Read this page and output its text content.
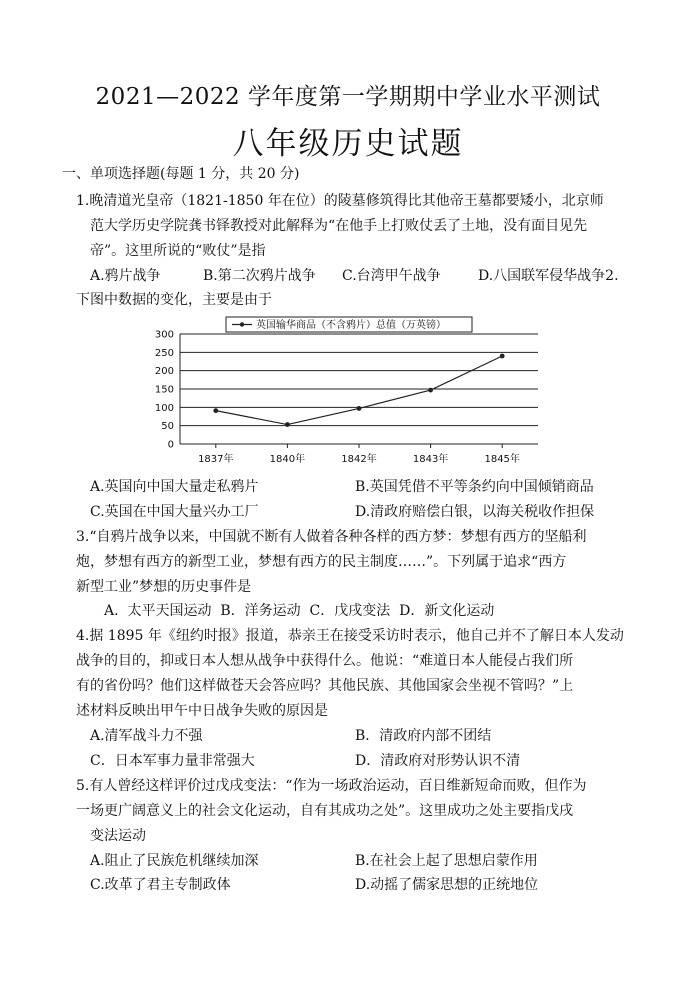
2021—2022 学年度第一学期期中学业水平测试
八年级历史试题
一、单项选择题(每题 1 分，共 20 分)
1.晚清道光皇帝（1821-1850 年在位）的陵墓修筑得比其他帝王墓都要矮小，北京师
范大学历史学院龚书铎教授对此解释为“在他手上打败仗丢了土地，没有面目见先
帝”。这里所说的“败仗”是指
A.鸦片战争	B.第二次鸦片战争 C.台湾甲午战争	D.八国联军侵华战争2.
下图中数据的变化，主要是由于
0
50
100
150
200
250
300
1837年	1840年	1842年	1843年	1845年
英国输华商品（不含鸦片）总值（万英镑）
A.英国向中国大量走私鸦片	B.英国凭借不平等条约向中国倾销商品
C.英国在中国大量兴办工厂	D.清政府赔偿白银，以海关税收作担保
3.“自鸦片战争以来，中国就不断有人做着各种各样的西方梦：梦想有西方的坚船利
炮，梦想有西方的新型工业，梦想有西方的民主制度……”。下列属于追求“西方
新型工业”梦想的历史事件是
A.  太平天国运动  B．洋务运动  C．戊戌变法  D．新文化运动
4.据 1895 年《纽约时报》报道，恭亲王在接受采访时表示，他自己并不了解日本人发动
战争的目的，抑或日本人想从战争中获得什么。他说：“难道日本人能侵占我们所
有的省份吗？他们这样做苍天会答应吗？其他民族、其他国家会坐视不管吗？”上
述材料反映出甲午中日战争失败的原因是
A.清军战斗力不强	B．清政府内部不团结
C．日本军事力量非常强大	D．清政府对形势认识不清
5.有人曾经这样评价过戊戌变法：“作为一场政治运动，百日维新短命而败，但作为
一场更广阔意义上的社会文化运动，自有其成功之处”。这里成功之处主要指戊戌
变法运动
A.阻止了民族危机继续加深	B.在社会上起了思想启蒙作用
C.改革了君主专制政体	D.动摇了儒家思想的正统地位
